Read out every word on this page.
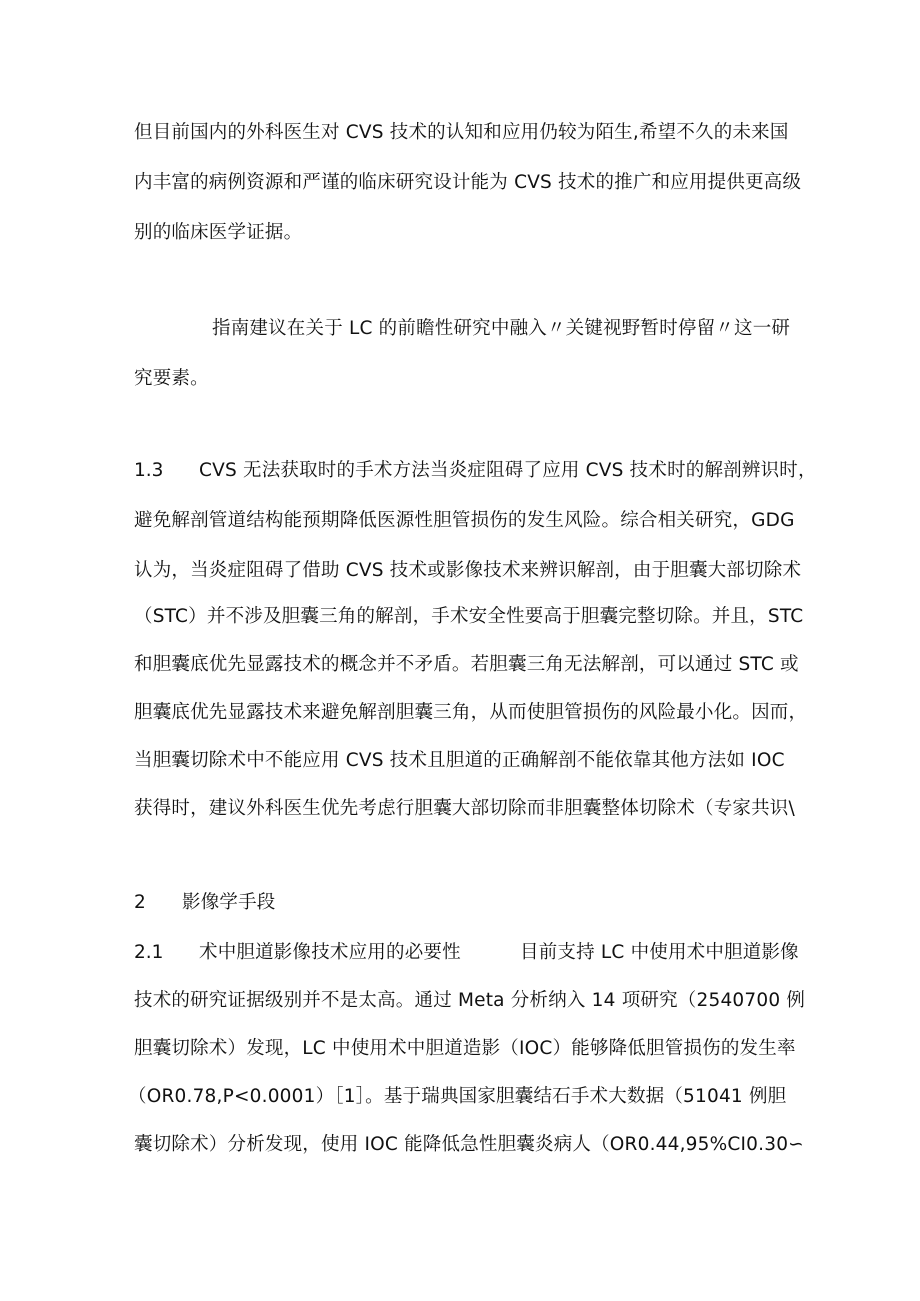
但目前国内的外科医生对 CVS 技术的认知和应用仍较为陌生,希望不久的未来国
内丰富的病例资源和严谨的临床研究设计能为 CVS 技术的推广和应用提供更高级
别的临床医学证据。
指南建议在关于 LC 的前瞻性研究中融入〃关键视野暂时停留〃这一研
究要素。
1.3 CVS 无法获取时的手术方法当炎症阻碍了应用 CVS 技术时的解剖辨识时，
避免解剖管道结构能预期降低医源性胆管损伤的发生风险。综合相关研究，GDG
认为，当炎症阻碍了借助 CVS 技术或影像技术来辨识解剖，由于胆囊大部切除术
（STC）并不涉及胆囊三角的解剖，手术安全性要高于胆囊完整切除。并且，STC
和胆囊底优先显露技术的概念并不矛盾。若胆囊三角无法解剖，可以通过 STC 或
胆囊底优先显露技术来避免解剖胆囊三角，从而使胆管损伤的风险最小化。因而，
当胆囊切除术中不能应用 CVS 技术且胆道的正确解剖不能依靠其他方法如 IOC
获得时，建议外科医生优先考虑行胆囊大部切除而非胆囊整体切除术（专家共识\
2 影像学手段
2.1 术中胆道影像技术应用的必要性	目前支持 LC 中使用术中胆道影像
技术的研究证据级别并不是太高。通过 Meta 分析纳入 14 项研究（2540700 例
胆囊切除术）发现，LC 中使用术中胆道造影（IOC）能够降低胆管损伤的发生率
（OR0.78,P<0.0001）［1］。基于瑞典国家胆囊结石手术大数据（51041 例胆
囊切除术）分析发现，使用 IOC 能降低急性胆囊炎病人（OR0.44,95%CI0.30∽
